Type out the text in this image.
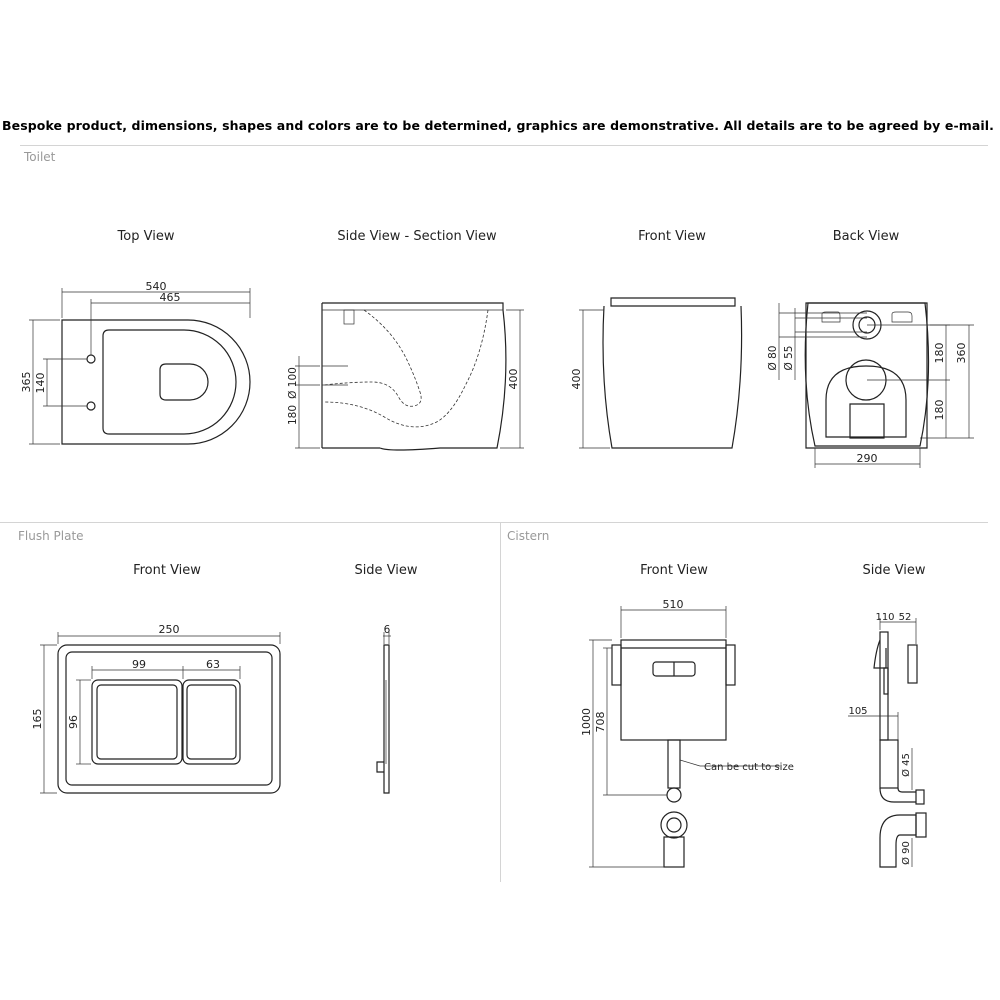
Bespoke product, dimensions, shapes and colors are to be determined, graphics are demonstrative. All details are to be agreed by e-mail.
Toilet
Top View	Side View - Section View	Front View	Back View
Flush Plate	Cistern
Front View	Side View	Front View	Side View
540
465
365 140	Ø 100
180
400	400
Ø 80 Ø 55	180
180
360
290
250
99	63
165 96
6
510
1000 708
Can be cut to size
110 52
105
Ø 45
Ø 90
